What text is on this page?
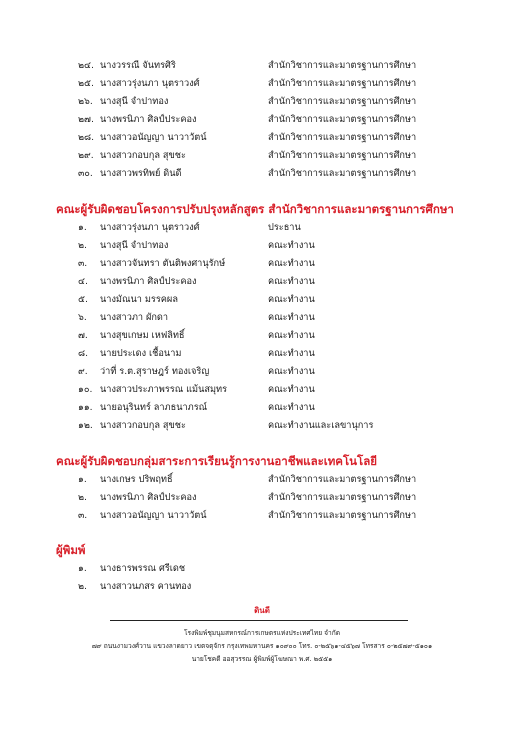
๒๔. นางวรรณี จันทรศิริ	สำนักวิชาการและมาตรฐานการศึกษา
๒๕. นางสาวรุ่งนภา นุตราวงศ์	สำนักวิชาการและมาตรฐานการศึกษา
๒๖. นางสุนี จำปาทอง	สำนักวิชาการและมาตรฐานการศึกษา
๒๗. นางพรนิภา ศิลป์ประคอง	สำนักวิชาการและมาตรฐานการศึกษา
๒๘. นางสาวอนัญญา นาวาวัตน์	สำนักวิชาการและมาตรฐานการศึกษา
๒๙. นางสาวกอบกุล สุขชะ	สำนักวิชาการและมาตรฐานการศึกษา
๓๐. นางสาวพรทิพย์ ดินดี	สำนักวิชาการและมาตรฐานการศึกษา
คณะผู้รับผิดชอบโครงการปรับปรุงหลักสูตร สำนักวิชาการและมาตรฐานการศึกษา
๑.	นางสาวรุ่งนภา นุตราวงศ์	ประธาน
๒.	นางสุนี จำปาทอง	คณะทำงาน
๓.	นางสาวจันทรา ตันติพงศานุรักษ์	คณะทำงาน
๔.	นางพรนิภา ศิลป์ประคอง	คณะทำงาน
๕.	นางมัณนา มรรคผล	คณะทำงาน
๖.	นางสาวภา ผักดา	คณะทำงาน
๗.	นางสุขเกษม เหฟลิทธิ์	คณะทำงาน
๘.	นายประเดง เชื้อนาม	คณะทำงาน
๙.	ว่าที่ ร.ต.สุราษฎร์ ทองเจริญ	คณะทำงาน
๑๐. นางสาวประภาพรรณ แม้นสมุทร	คณะทำงาน
๑๑. นายอนุรินทร์ ลาภธนาภรณ์	คณะทำงาน
๑๒. นางสาวกอบกุล สุขชะ	คณะทำงานและเลขานุการ
คณะผู้รับผิดชอบกลุ่มสาระการเรียนรู้การงานอาชีพและเทคโนโลยี
๑.	นางเกษร ปริพฤทธิ์	สำนักวิชาการและมาตรฐานการศึกษา
๒.	นางพรนิภา ศิลป์ประคอง	สำนักวิชาการและมาตรฐานการศึกษา
๓.	นางสาวอนัญญา นาวาวัตน์	สำนักวิชาการและมาตรฐานการศึกษา
ผู้พิมพ์
๑.	นางธารพรรณ ศรีเดช
๒.	นางสาวนภสร คานทอง
ดินดี
โรงพิมพ์ชุมนุมสหกรณ์การเกษตรแห่งประเทศไทย จำกัด
๗๙ ถนนงามวงศ์วาน แขวงลาดยาว เขตจตุจักร กรุงเทพมหานคร ๑๐๙๐๐ โทร. ๐-๒๕๖๑-๔๕๖๗ โทรสาร ๐-๒๕๗๙-๕๑๐๑
นายโชคดี ออสุวรรณ ผู้พิมพ์ผู้โฆษณา พ.ศ. ๒๕๕๑
